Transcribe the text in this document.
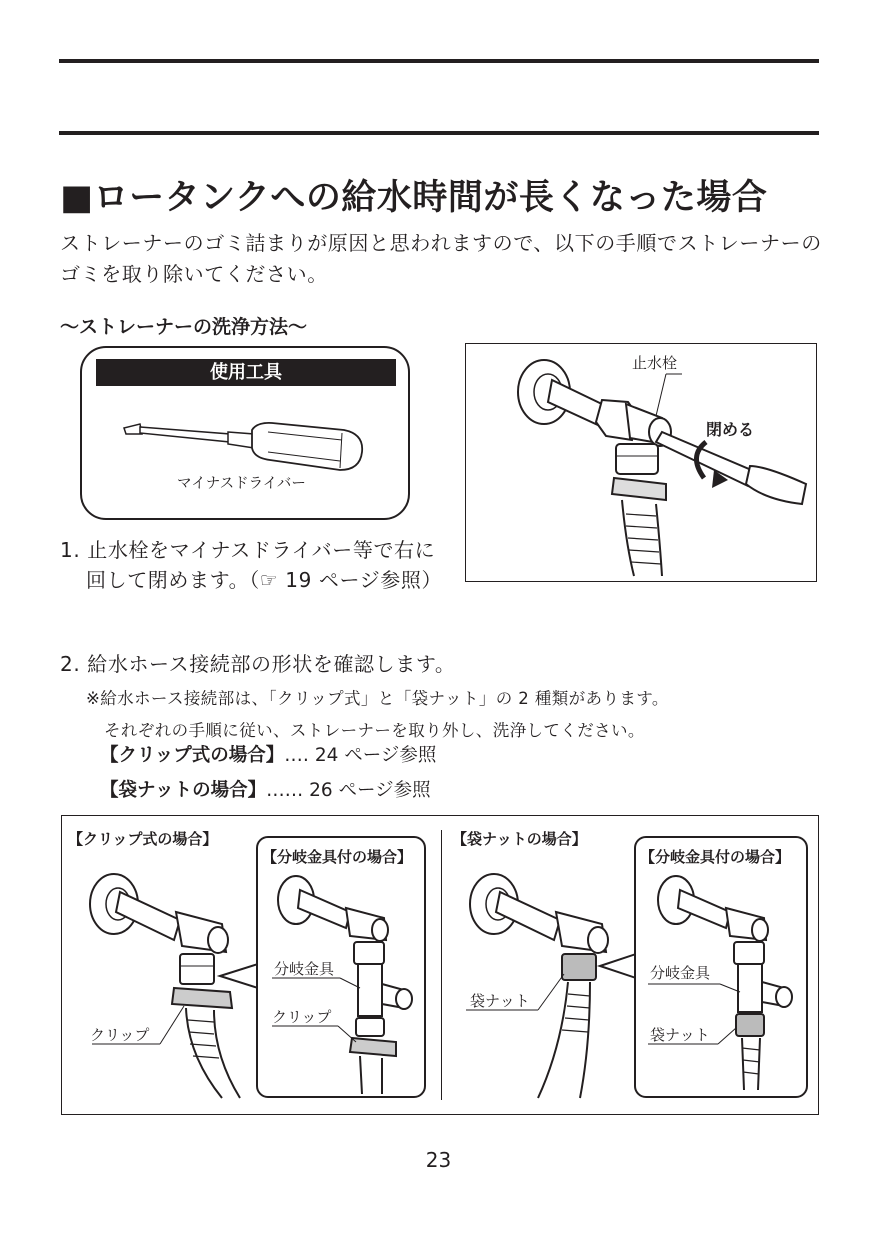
■ロータンクへの給水時間が長くなった場合
ストレーナーのゴミ詰まりが原因と思われますので、以下の手順でストレーナーのゴミを取り除いてください。
〜ストレーナーの洗浄方法〜
使用工具
マイナスドライバー
1. 止水栓をマイナスドライバー等で右に
回して閉めます。（☞ 19 ページ参照）
止水栓
閉める
2. 給水ホース接続部の形状を確認します。
※給水ホース接続部は、「クリップ式」と「袋ナット」の 2 種類があります。
それぞれの手順に従い、ストレーナーを取り外し、洗浄してください。
【クリップ式の場合】‥‥ 24 ページ参照
【袋ナットの場合】‥‥‥ 26 ページ参照
【クリップ式の場合】
クリップ
【分岐金具付の場合】
分岐金具
クリップ
【袋ナットの場合】
袋ナット
【分岐金具付の場合】
分岐金具
袋ナット
23
